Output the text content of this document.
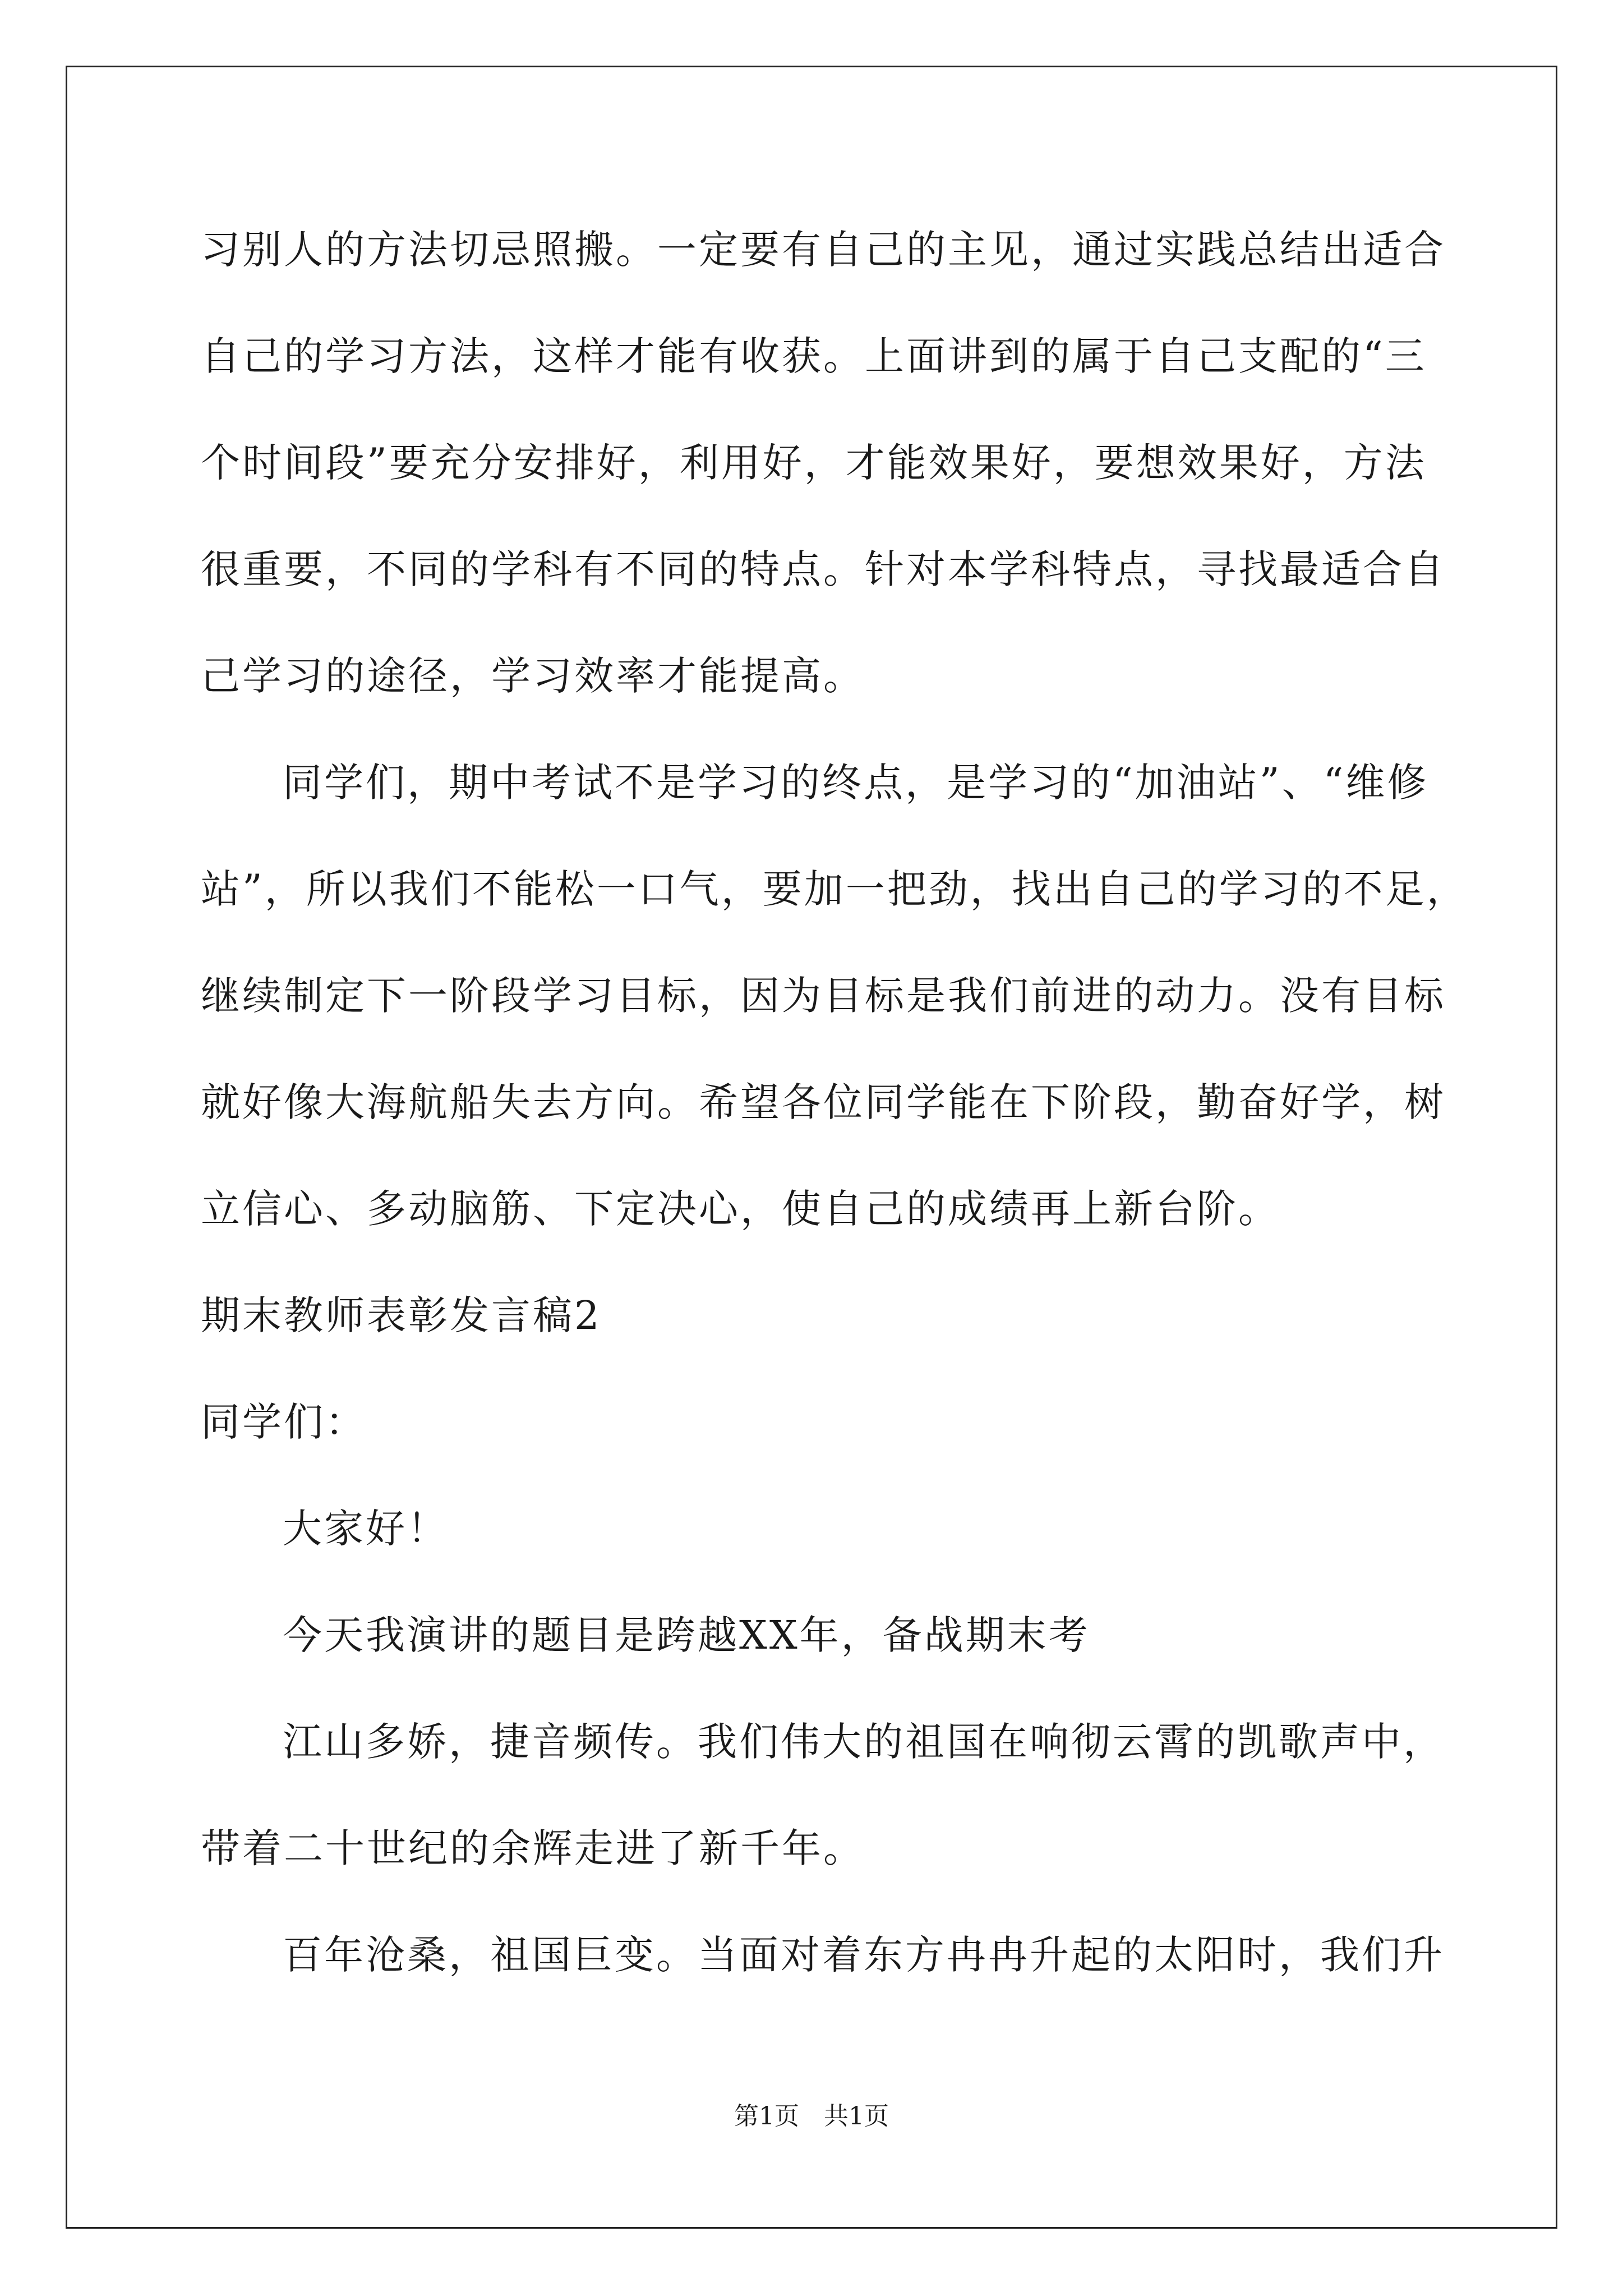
习别人的方法切忌照搬。一定要有自己的主见，通过实践总结出适合
自己的学习方法，这样才能有收获。上面讲到的属于自己支配的“三
个时间段”要充分安排好，利用好，才能效果好，要想效果好，方法
很重要，不同的学科有不同的特点。针对本学科特点，寻找最适合自
己学习的途径，学习效率才能提高。
同学们，期中考试不是学习的终点，是学习的“加油站”、“维修
站”，所以我们不能松一口气，要加一把劲，找出自己的学习的不足，
继续制定下一阶段学习目标，因为目标是我们前进的动力。没有目标
就好像大海航船失去方向。希望各位同学能在下阶段，勤奋好学，树
立信心、多动脑筋、下定决心，使自己的成绩再上新台阶。
期末教师表彰发言稿2
同学们：
大家好！
今天我演讲的题目是跨越XX年，备战期末考
江山多娇，捷音频传。我们伟大的祖国在响彻云霄的凯歌声中，
带着二十世纪的余辉走进了新千年。
百年沧桑，祖国巨变。当面对着东方冉冉升起的太阳时，我们升
第1页　共1页
